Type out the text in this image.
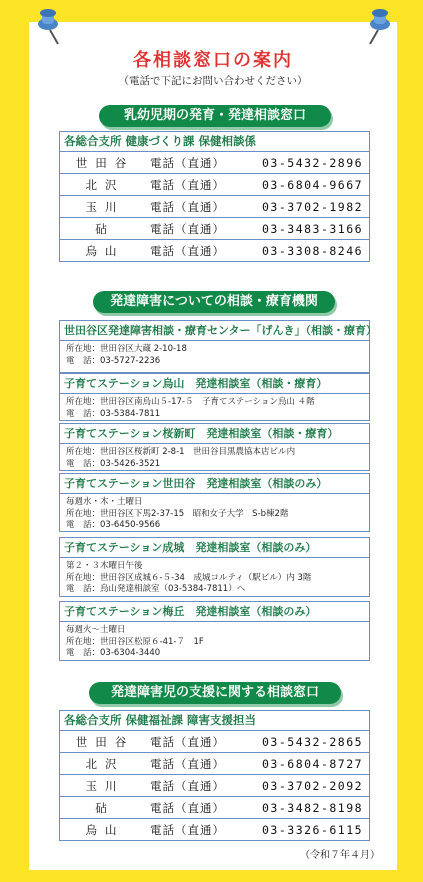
各相談窓口の案内
（電話で下記にお問い合わせください）
乳幼児期の発育・発達相談窓口
各総合支所 健康づくり課 保健相談係
世田谷	電話（直通）	03-5432-2896
北沢	電話（直通）	03-6804-9667
玉川	電話（直通）	03-3702-1982
砧	電話（直通）	03-3483-3166
烏山	電話（直通）	03-3308-8246
発達障害についての相談・療育機関
世田谷区発達障害相談・療育センター「げんき」（相談・療育）
所在地：世田谷区大蔵 2-10-18
電　話：03-5727-2236
子育てステーション烏山　発達相談室（相談・療育）
所在地：世田谷区南烏山５-17-５　子育てステーション烏山 ４階
電　話：03-5384-7811
子育てステーション桜新町　発達相談室（相談・療育）
所在地：世田谷区桜新町 2-8-1　世田谷目黒農協本店ビル内
電　話：03-5426-3521
子育てステーション世田谷　発達相談室（相談のみ）
毎週水・木・土曜日
所在地：世田谷区下馬2-37-15　昭和女子大学　S-b棟2階
電　話：03-6450-9566
子育てステーション成城　発達相談室（相談のみ）
第２・３木曜日午後
所在地：世田谷区成城６-５-34　成城コルティ（駅ビル）内 3階
電　話：烏山発達相談室（03-5384-7811）へ
子育てステーション梅丘　発達相談室（相談のみ）
毎週火～土曜日
所在地：世田谷区松原６-41-７　1F
電　話：03-6304-3440
発達障害児の支援に関する相談窓口
各総合支所 保健福祉課 障害支援担当
世田谷	電話（直通）	03-5432-2865
北沢	電話（直通）	03-6804-8727
玉川	電話（直通）	03-3702-2092
砧	電話（直通）	03-3482-8198
烏山	電話（直通）	03-3326-6115
（令和７年４月）
